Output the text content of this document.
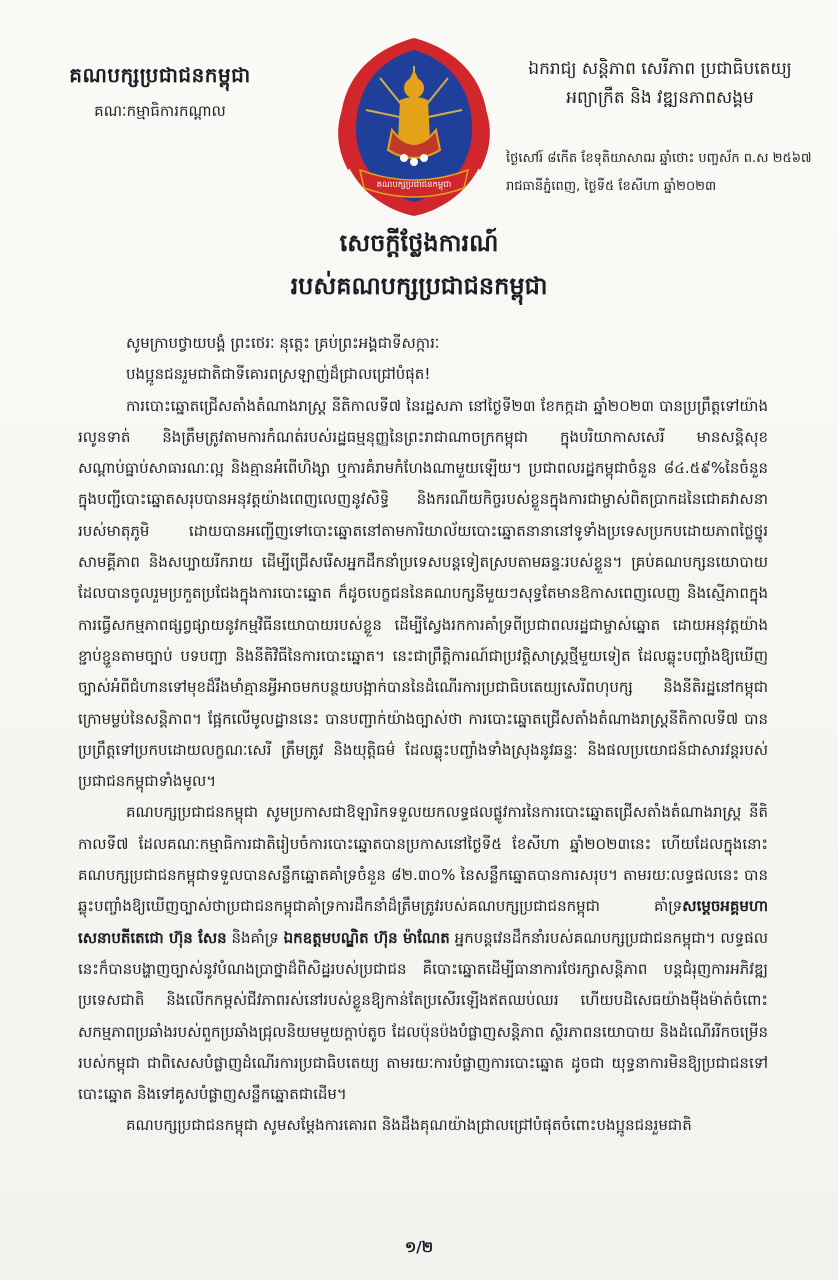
គណបក្សប្រជាជនកម្ពុជា
គណៈកម្មាធិការកណ្តាល
គណបក្សប្រជាជនកម្ពុជា
ឯករាជ្យ សន្តិភាព សេរីភាព ប្រជាធិបតេយ្យ
អព្យាក្រឹត និង វឌ្ឍនភាពសង្គម
ថ្ងៃសៅរ៍ ៨កើត ខែទុតិយាសាឍ ឆ្នាំថោះ បញ្ចស័ក ព.ស ២៥៦៧
រាជធានីភ្នំពេញ, ថ្ងៃទី៥ ខែសីហា ឆ្នាំ២០២៣
សេចក្តីថ្លែងការណ៍
របស់គណបក្សប្រជាជនកម្ពុជា

សូមក្រាបថ្វាយបង្គំ ព្រះថេរៈ នុត្តេះ គ្រប់ព្រះអង្គជាទីសក្ការៈ

បងប្អូនជនរួមជាតិជាទីគោរពស្រឡាញ់ដ៏ជ្រាលជ្រៅបំផុត!

ការបោះឆ្នោតជ្រើសតាំងតំណាងរាស្ត្រ នីតិកាលទី៧ នៃរដ្ឋសភា នៅថ្ងៃទី២៣ ខែកក្កដា ឆ្នាំ២០២៣ បានប្រព្រឹត្តទៅយ៉ាងរលូនទាត់ និងត្រឹមត្រូវតាមការកំណត់របស់រដ្ឋធម្មនុញ្ញនៃព្រះរាជាណាចក្រកម្ពុជា ក្នុងបរិយាកាសសេរី មានសន្តិសុខ សណ្តាប់ធ្នាប់សាធារណៈល្អ និងគ្មានអំពើហិង្សា ឬការគំរាមកំហែងណាមួយឡើយ។ ប្រជាពលរដ្ឋកម្ពុជាចំនួន ៨៤.៥៩%នៃចំនួនក្នុងបញ្ជីបោះឆ្នោតសរុបបានអនុវត្តយ៉ាងពេញលេញនូវសិទ្ធិ និងករណីយកិច្ចរបស់ខ្លួនក្នុងការជាម្ចាស់ពិតប្រាកដនៃជោគវាសនារបស់មាតុភូមិ ដោយបានអញ្ជើញទៅបោះឆ្នោតនៅតាមការិយាល័យបោះឆ្នោតនានានៅទូទាំងប្រទេសប្រកបដោយភាពថ្លៃថ្នូរ សាមគ្គីភាព និងសប្បាយរីករាយ ដើម្បីជ្រើសរើសអ្នកដឹកនាំប្រទេសបន្តទៀតស្របតាមឆន្ទៈរបស់ខ្លួន។ គ្រប់គណបក្សនយោបាយដែលបានចូលរួមប្រកួតប្រជែងក្នុងការបោះឆ្នោត ក៏ដូចបេក្ខជននៃគណបក្សនីមួយៗសុទ្ធតែមានឱកាសពេញលេញ និងស្មើភាពក្នុងការធ្វើសកម្មភាពផ្សព្វផ្សាយនូវកម្មវិធីនយោបាយរបស់ខ្លួន ដើម្បីស្វែងរកការគាំទ្រពីប្រជាពលរដ្ឋជាម្ចាស់ឆ្នោត ដោយអនុវត្តយ៉ាងខ្ជាប់ខ្ជួនតាមច្បាប់ បទបញ្ជា និងនីតិវិធីនៃការបោះឆ្នោត។ នេះជាព្រឹត្តិការណ៍ជាប្រវត្តិសាស្ត្រថ្មីមួយទៀត ដែលឆ្លុះបញ្ចាំងឱ្យឃើញច្បាស់អំពីជំហានទៅមុខដ៏រឹងមាំគ្មានអ្វីអាចមកបន្ថយបង្អាក់បាននៃដំណើរការប្រជាធិបតេយ្យសេរីពហុបក្ស និងនីតិរដ្ឋនៅកម្ពុជាក្រោមម្លប់នៃសន្តិភាព។ ផ្អែកលើមូលដ្ឋាននេះ បានបញ្ជាក់យ៉ាងច្បាស់ថា ការបោះឆ្នោតជ្រើសតាំងតំណាងរាស្ត្រនីតិកាលទី៧ បានប្រព្រឹត្តទៅប្រកបដោយលក្ខណៈសេរី ត្រឹមត្រូវ និងយុត្តិធម៌ ដែលឆ្លុះបញ្ចាំងទាំងស្រុងនូវឆន្ទៈ និងផលប្រយោជន៍ជាសារវន្តរបស់ប្រជាជនកម្ពុជាទាំងមូល។

គណបក្សប្រជាជនកម្ពុជា សូមប្រកាសជាឱឡារិកទទួលយកលទ្ធផលផ្លូវការនៃការបោះឆ្នោតជ្រើសតាំងតំណាងរាស្ត្រ នីតិកាលទី៧ ដែលគណៈកម្មាធិការជាតិរៀបចំការបោះឆ្នោតបានប្រកាសនៅថ្ងៃទី៥ ខែសីហា ឆ្នាំ២០២៣នេះ ហើយដែលក្នុងនោះ គណបក្សប្រជាជនកម្ពុជាទទួលបានសន្លឹកឆ្នោតគាំទ្រចំនួន ៨២.៣០% នៃសន្លឹកឆ្នោតបានការសរុប។ តាមរយៈលទ្ធផលនេះ បានឆ្លុះបញ្ចាំងឱ្យឃើញច្បាស់ថាប្រជាជនកម្ពុជាគាំទ្រការដឹកនាំដ៏ត្រឹមត្រូវរបស់គណបក្សប្រជាជនកម្ពុជា គាំទ្រសម្តេចអគ្គមហាសេនាបតីតេជោ ហ៊ុន សែន និងគាំទ្រ ឯកឧត្តមបណ្ឌិត ហ៊ុន ម៉ាណែត អ្នកបន្តវេនដឹកនាំរបស់គណបក្សប្រជាជនកម្ពុជា។ លទ្ធផលនេះក៏បានបង្ហាញច្បាស់នូវបំណងប្រាថ្នាដ៏ពិសិដ្ឋរបស់ប្រជាជន គឺបោះឆ្នោតដើម្បីធានាការថែរក្សាសន្តិភាព បន្តជំរុញការអភិវឌ្ឍប្រទេសជាតិ និងលើកកម្ពស់ជីវភាពរស់នៅរបស់ខ្លួនឱ្យកាន់តែប្រសើរឡើងឥតឈប់ឈរ ហើយបដិសេធយ៉ាងម៉ឺងម៉ាត់ចំពោះសកម្មភាពប្រឆាំងរបស់ពួកប្រឆាំងជ្រុលនិយមមួយក្តាប់តូច ដែលប៉ុនប៉ងបំផ្លាញសន្តិភាព ស្ថិរភាពនយោបាយ និងដំណើររីកចម្រើនរបស់កម្ពុជា ជាពិសេសបំផ្លាញដំណើរការប្រជាធិបតេយ្យ តាមរយៈការបំផ្លាញការបោះឆ្នោត ដូចជា យុទ្ធនាការមិនឱ្យប្រជាជនទៅបោះឆ្នោត និងទៅគូសបំផ្លាញសន្លឹកឆ្នោតជាដើម។

គណបក្សប្រជាជនកម្ពុជា សូមសម្តែងការគោរព និងដឹងគុណយ៉ាងជ្រាលជ្រៅបំផុតចំពោះបងប្អូនជនរួមជាតិ

១/២
